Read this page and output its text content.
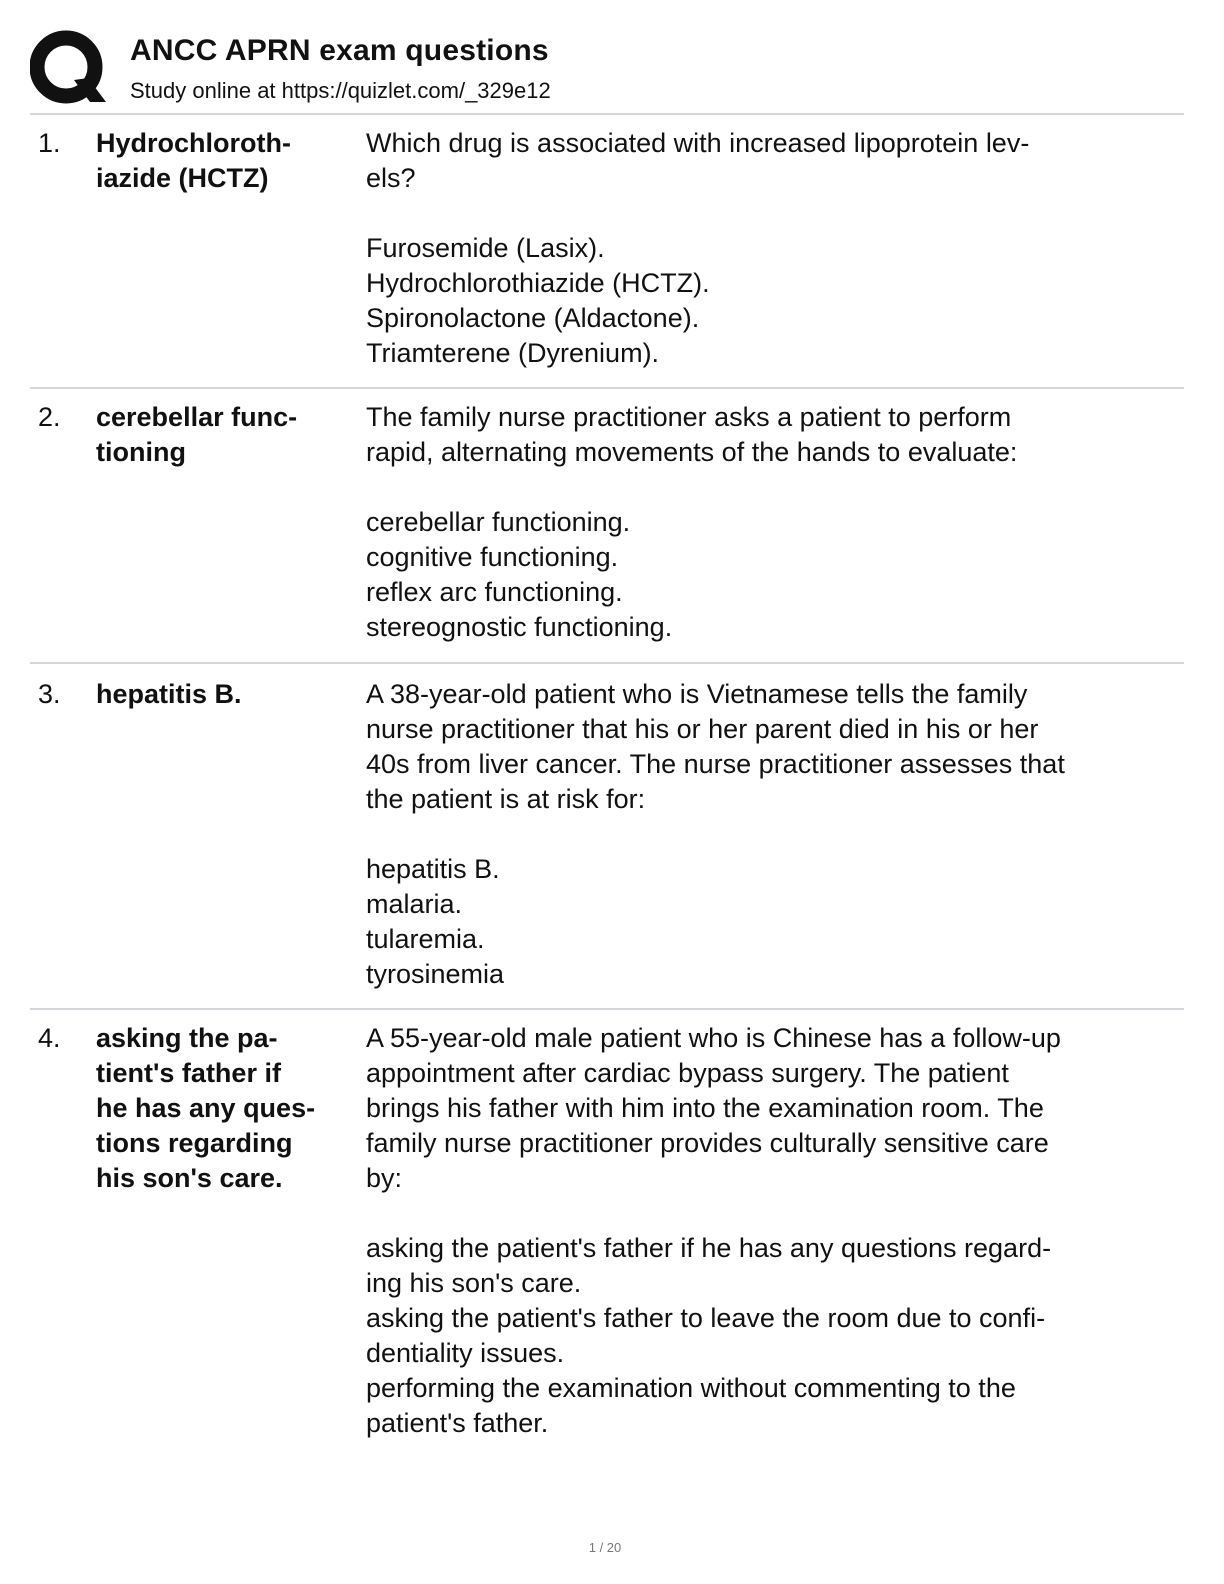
ANCC APRN exam questions
Study online at https://quizlet.com/_329e12
1. Hydrochloroth-
iazide (HCTZ)
Which drug is associated with increased lipoprotein lev-
els?
Furosemide (Lasix).
Hydrochlorothiazide (HCTZ).
Spironolactone (Aldactone).
Triamterene (Dyrenium).
2. cerebellar func-
tioning
The family nurse practitioner asks a patient to perform
rapid, alternating movements of the hands to evaluate:
cerebellar functioning.
cognitive functioning.
reflex arc functioning.
stereognostic functioning.
3. hepatitis B.	A 38-year-old patient who is Vietnamese tells the family
nurse practitioner that his or her parent died in his or her
40s from liver cancer. The nurse practitioner assesses that
the patient is at risk for:
hepatitis B.
malaria.
tularemia.
tyrosinemia
4. asking the pa-
tient's father if
he has any ques-
tions regarding
his son's care.
A 55-year-old male patient who is Chinese has a follow-up
appointment after cardiac bypass surgery. The patient
brings his father with him into the examination room. The
family nurse practitioner provides culturally sensitive care
by:
asking the patient's father if he has any questions regard-
ing his son's care.
asking the patient's father to leave the room due to confi-
dentiality issues.
performing the examination without commenting to the
patient's father.
1 / 20
